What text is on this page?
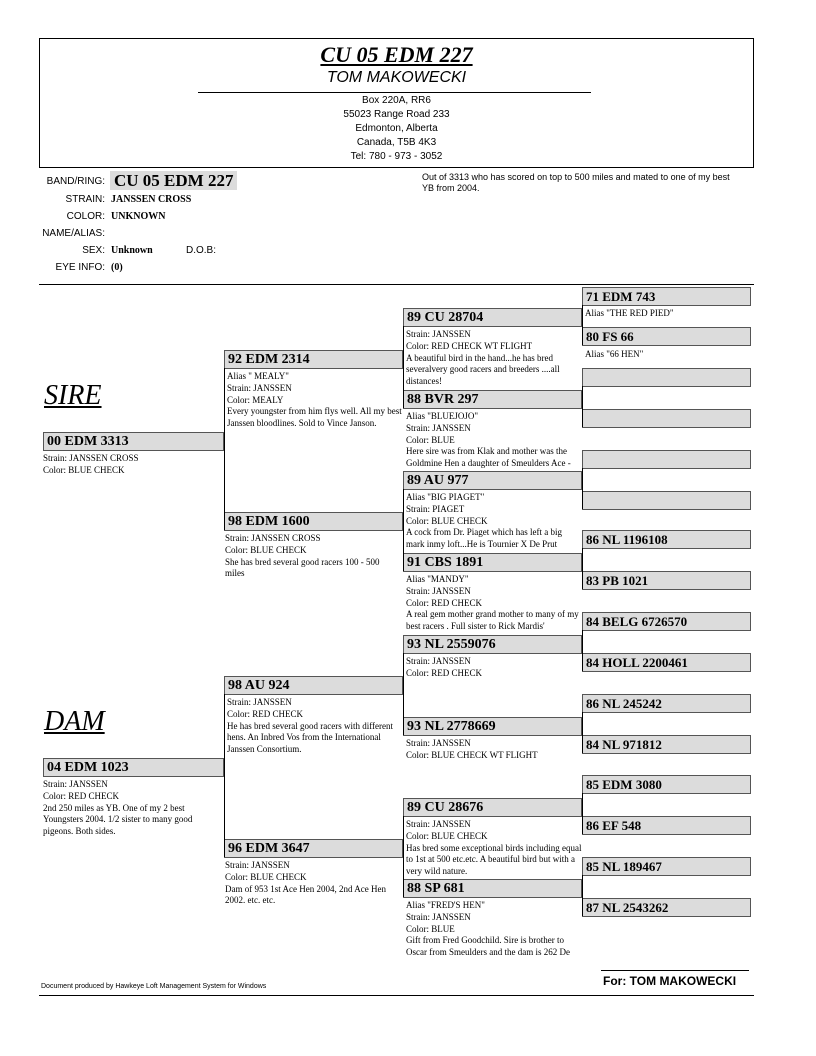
CU 05 EDM 227
TOM MAKOWECKI
Box 220A, RR6
55023 Range Road 233
Edmonton, Alberta
Canada, T5B 4K3
Tel: 780 - 973 - 3052
BAND/RING: CU 05 EDM 227
STRAIN: JANSSEN CROSS
COLOR: UNKNOWN
NAME/ALIAS:
SEX: Unknown	D.O.B:
EYE INFO: (0)
Out of 3313 who has scored on top to 500 miles and mated to one of my best YB from 2004.
SIRE
DAM
00 EDM 3313
Strain: JANSSEN CROSS
Color: BLUE CHECK
04 EDM 1023
Strain: JANSSEN
Color: RED CHECK
2nd 250 miles as YB. One of my 2 best Youngsters 2004. 1/2 sister to many good pigeons. Both sides.
92 EDM 2314
Alias " MEALY"
Strain: JANSSEN
Color: MEALY
Every youngster from him flys well. All my best Janssen bloodlines. Sold to Vince Janson.
98 EDM 1600
Strain: JANSSEN CROSS
Color: BLUE CHECK
She has bred several good racers 100 - 500 miles
98 AU 924
Strain: JANSSEN
Color: RED CHECK
He has bred several good racers with different hens. An Inbred Vos from the International Janssen Consortium.
96 EDM 3647
Strain: JANSSEN
Color: BLUE CHECK
Dam of 953 1st Ace Hen 2004, 2nd Ace Hen 2002. etc. etc.
89 CU 28704
Strain: JANSSEN
Color: RED CHECK WT FLIGHT
A beautiful bird in the hand...he has bred severalvery good racers and breeders ....all distances!
88 BVR 297
Alias "BLUEJOJO"
Strain: JANSSEN
Color: BLUE
Here sire was from Klak and mother was the Goldmine Hen a daughter of Smeulders Ace -
89 AU 977
Alias "BIG PIAGET"
Strain: PIAGET
Color: BLUE CHECK
A cock from Dr. Piaget which has left a big mark inmy loft...He is Tournier X De Prut
91 CBS 1891
Alias "MANDY"
Strain: JANSSEN
Color: RED CHECK
A real gem mother grand mother to many of my best racers . Full sister to Rick Mardis'
93 NL 2559076
Strain: JANSSEN
Color: RED CHECK
93 NL 2778669
Strain: JANSSEN
Color: BLUE CHECK WT FLIGHT
89 CU 28676
Strain: JANSSEN
Color: BLUE CHECK
Has bred some exceptional birds including equal to 1st at 500 etc.etc. A beautiful bird but with a very wild nature.
88 SP 681
Alias "FRED'S HEN"
Strain: JANSSEN
Color: BLUE
Gift from Fred Goodchild. Sire is brother to Oscar from Smeulders and the dam is 262 De
71 EDM 743
Alias "THE RED PIED"
80 FS 66
Alias "66 HEN"
86 NL 1196108
83 PB 1021
84 BELG 6726570
84 HOLL 2200461
86 NL 245242
84 NL 971812
85 EDM 3080
86 EF 548
85 NL 189467
87 NL 2543262
Document produced by Hawkeye Loft Management System for Windows	For: TOM MAKOWECKI
